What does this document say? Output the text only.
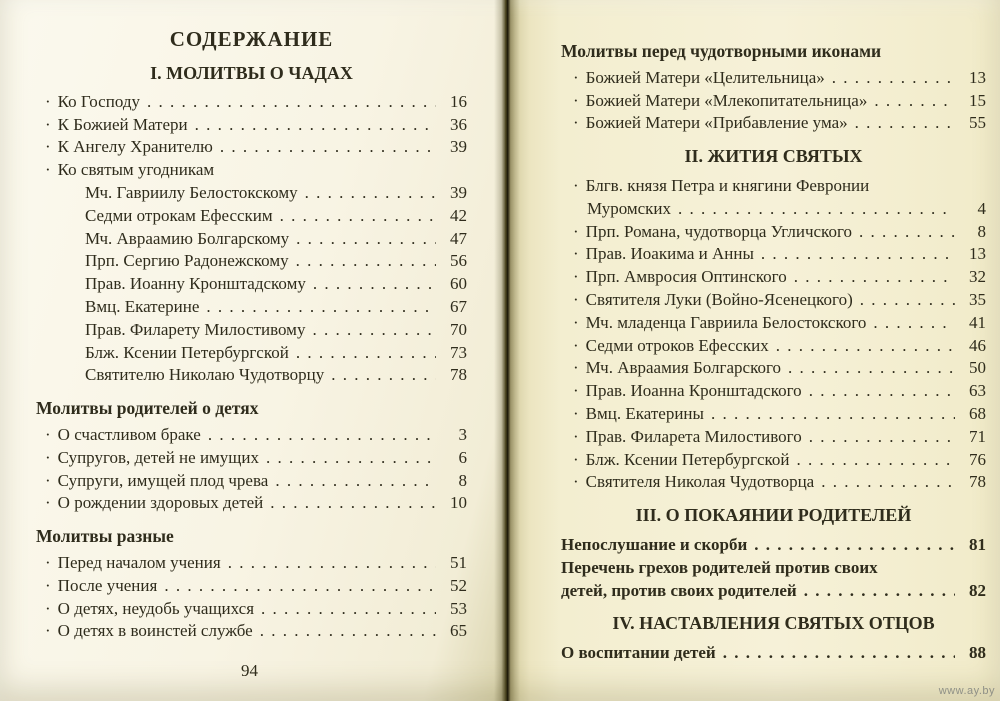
СОДЕРЖАНИЕ
I. МОЛИТВЫ О ЧАДАХ
· Ко Господу . . .	16
· К Божией Матери . . .	36
· К Ангелу Хранителю . . .	39
· Ко святым угодникам
Мч. Гавриилу Белостокскому . . .	39
Седми отрокам Ефесским . . .	42
Мч. Авраамию Болгарскому . . .	47
Прп. Сергию Радонежскому . . .	56
Прав. Иоанну Кронштадскому . . .	60
Вмц. Екатерине . . .	67
Прав. Филарету Милостивому . . .	70
Блж. Ксении Петербургской . . .	73
Святителю Николаю Чудотворцу . . .	78
Молитвы родителей о детях
· О счастливом браке . . .	3
· Супругов, детей не имущих . . .	6
· Супруги, имущей плод чрева . . .	8
· О рождении здоровых детей . . .	10
Молитвы разные
· Перед началом учения . . .	51
· После учения . . .	52
· О детях, неудобь учащихся . . .	53
· О детях в воинстей службе . . .	65
94
Молитвы перед чудотворными иконами
· Божией Матери «Целительница» . . .	13
· Божией Матери «Млекопитательница» . . .	15
· Божией Матери «Прибавление ума» . . .	55
II. ЖИТИЯ СВЯТЫХ
· Блгв. князя Петра и княгини Февронии
Муромских . . .	4
· Прп. Романа, чудотворца Угличского . . .	8
· Прав. Иоакима и Анны . . .	13
· Прп. Амвросия Оптинского . . .	32
· Святителя Луки (Войно-Ясенецкого) . . .	35
· Мч. младенца Гавриила Белостокского . . .	41
· Седми отроков Ефесских . . .	46
· Мч. Авраамия Болгарского . . .	50
· Прав. Иоанна Кронштадского . . .	63
· Вмц. Екатерины . . .	68
· Прав. Филарета Милостивого . . .	71
· Блж. Ксении Петербургской . . .	76
· Святителя Николая Чудотворца . . .	78
III. О ПОКАЯНИИ РОДИТЕЛЕЙ
Непослушание и скорби . . .	81
Перечень грехов родителей против своих
детей, против своих родителей . . .	82
IV. НАСТАВЛЕНИЯ СВЯТЫХ ОТЦОВ
О воспитании детей . . .	88
www.ay.by
